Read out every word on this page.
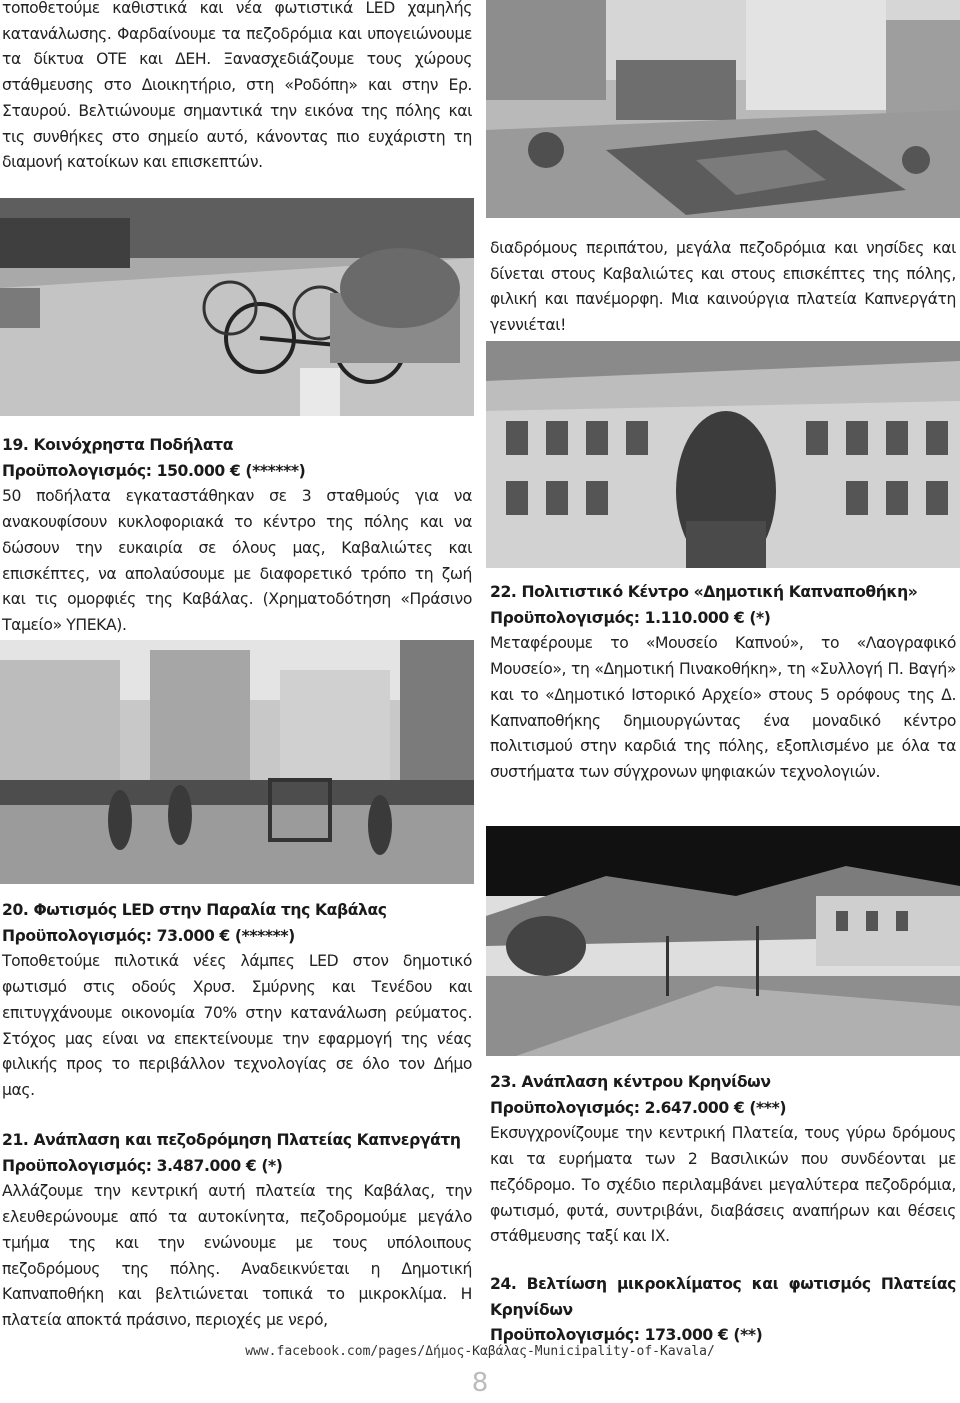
τοποθετούμε καθιστικά και νέα φωτιστικά LED χαμηλής κατανάλωσης. Φαρδαίνουμε τα πεζοδρόμια και υπογειώνουμε τα δίκτυα ΟΤΕ και ΔΕΗ. Ξανασχεδιάζουμε τους χώρους στάθμευσης στο Διοικητήριο, στη «Ροδόπη» και στην Ερ. Σταυρού. Βελτιώνουμε σημαντικά την εικόνα της πόλης και τις συνθήκες στο σημείο αυτό, κάνοντας πιο ευχάριστη τη διαμονή κατοίκων και επισκεπτών.

διαδρόμους περιπάτου, μεγάλα πεζοδρόμια και νησίδες και δίνεται στους Καβαλιώτες και στους επισκέπτες της πόλης, φιλική και πανέμορφη. Μια καινούργια πλατεία Καπνεργάτη γεννιέται!

19. Κοινόχρηστα Ποδήλατα

Προϋπολογισμός: 150.000 € (******)

50 ποδήλατα εγκαταστάθηκαν σε 3 σταθμούς για να ανακουφίσουν κυκλοφοριακά το κέντρο της πόλης και να δώσουν την ευκαιρία σε όλους μας, Καβαλιώτες και επισκέπτες, να απολαύσουμε με διαφορετικό τρόπο τη ζωή και τις ομορφιές της Καβάλας. (Χρηματοδότηση «Πράσινο Ταμείο» ΥΠΕΚΑ).

22. Πολιτιστικό Κέντρο «Δημοτική Καπναποθήκη»

Προϋπολογισμός: 1.110.000 € (*)

Μεταφέρουμε το «Μουσείο Καπνού», το «Λαογραφικό Μουσείο», τη «Δημοτική Πινακοθήκη», τη «Συλλογή Π. Βαγή» και το «Δημοτικό Ιστορικό Αρχείο» στους 5 ορόφους της Δ. Καπναποθήκης δημιουργώντας ένα μοναδικό κέντρο πολιτισμού στην καρδιά της πόλης, εξοπλισμένο με όλα τα συστήματα των σύγχρονων ψηφιακών τεχνολογιών.

20. Φωτισμός LED στην Παραλία της Καβάλας

Προϋπολογισμός: 73.000 € (******)

Τοποθετούμε πιλοτικά νέες λάμπες LED στον δημοτικό φωτισμό στις οδούς Χρυσ. Σμύρνης και Τενέδου και επιτυγχάνουμε οικονομία 70% στην κατανάλωση ρεύματος. Στόχος μας είναι να επεκτείνουμε την εφαρμογή της νέας φιλικής προς το περιβάλλον τεχνολογίας σε όλο τον Δήμο μας.

21. Ανάπλαση και πεζοδρόμηση Πλατείας Καπνεργάτη

Προϋπολογισμός: 3.487.000 € (*)

Αλλάζουμε την κεντρική αυτή πλατεία της Καβάλας, την ελευθερώνουμε από τα αυτοκίνητα, πεζοδρομούμε μεγάλο τμήμα της και την ενώνουμε με τους υπόλοιπους πεζοδρόμους της πόλης. Αναδεικνύεται η Δημοτική Καπναποθήκη και βελτιώνεται τοπικά το μικροκλίμα. Η πλατεία αποκτά πράσινο, περιοχές με νερό,

23. Ανάπλαση κέντρου Κρηνίδων

Προϋπολογισμός: 2.647.000 € (***)

Εκσυγχρονίζουμε την κεντρική Πλατεία, τους γύρω δρόμους και τα ευρήματα των 2 Βασιλικών που συνδέονται με πεζόδρομο. Το σχέδιο περιλαμβάνει μεγαλύτερα πεζοδρόμια, φωτισμό, φυτά, συντριβάνι, διαβάσεις αναπήρων και θέσεις στάθμευσης ταξί και ΙΧ.

24. Βελτίωση μικροκλίματος και φωτισμός Πλατείας Κρηνίδων

Προϋπολογισμός: 173.000 € (**)

www.facebook.com/pages/Δήμος-Καβάλας-Municipality-of-Kavala/
8
